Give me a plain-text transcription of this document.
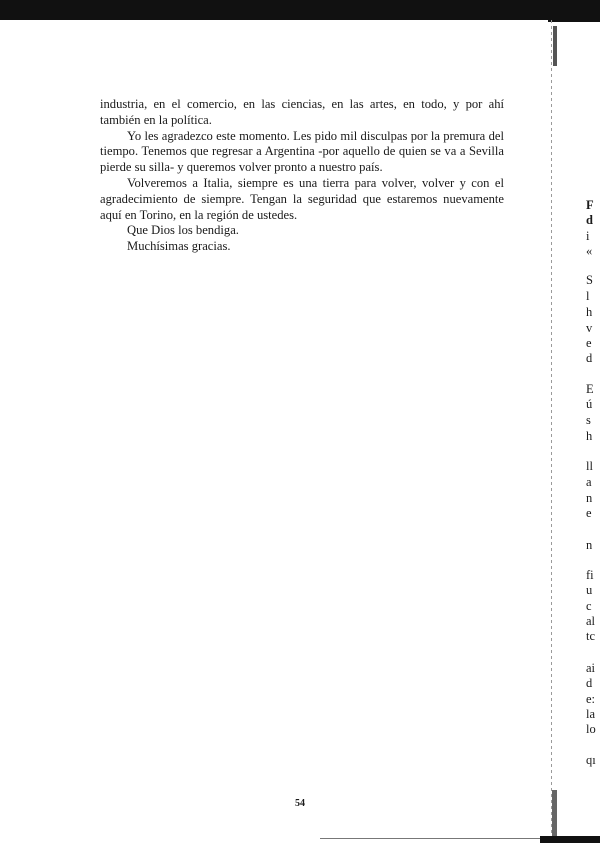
industria, en el comercio, en las ciencias, en las artes, en todo, y por ahí también en la política.

Yo les agradezco este momento. Les pido mil disculpas por la premura del tiempo. Tenemos que regresar a Argentina -por aquello de quien se va a Sevilla pierde su silla- y queremos volver pronto a nuestro país.

Volveremos a Italia, siempre es una tierra para volver, volver y con el agradecimiento de siempre. Tengan la seguridad que estaremos nuevamente aquí en Torino, en la región de ustedes.

Que Dios los bendiga.

Muchísimas gracias.

54
F
d
i
«
S
l
h
v
e
d
E
ú
s
h
ll
a
n
e
n
fi
u
c
al
tc
ai
d
e:
la
lo
qı
